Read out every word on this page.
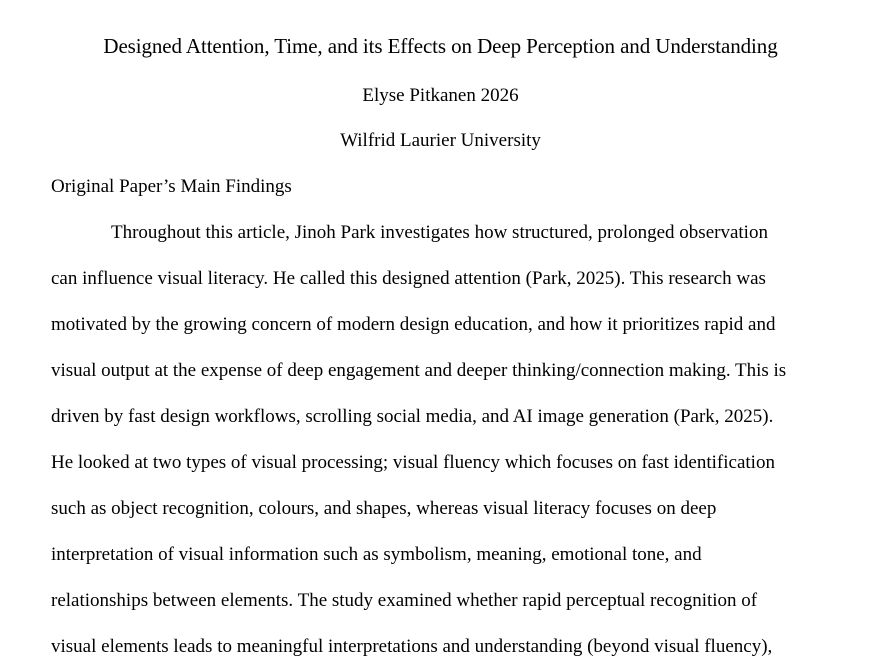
Designed Attention, Time, and its Effects on Deep Perception and Understanding
Elyse Pitkanen 2026
Wilfrid Laurier University
Original Paper’s Main Findings
Throughout this article, Jinoh Park investigates how structured, prolonged observation
can influence visual literacy. He called this designed attention (Park, 2025). This research was
motivated by the growing concern of modern design education, and how it prioritizes rapid and
visual output at the expense of deep engagement and deeper thinking/connection making. This is
driven by fast design workflows, scrolling social media, and AI image generation (Park, 2025).
He looked at two types of visual processing; visual fluency which focuses on fast identification
such as object recognition, colours, and shapes, whereas visual literacy focuses on deep
interpretation of visual information such as symbolism, meaning, emotional tone, and
relationships between elements. The study examined whether rapid perceptual recognition of
visual elements leads to meaningful interpretations and understanding (beyond visual fluency),
